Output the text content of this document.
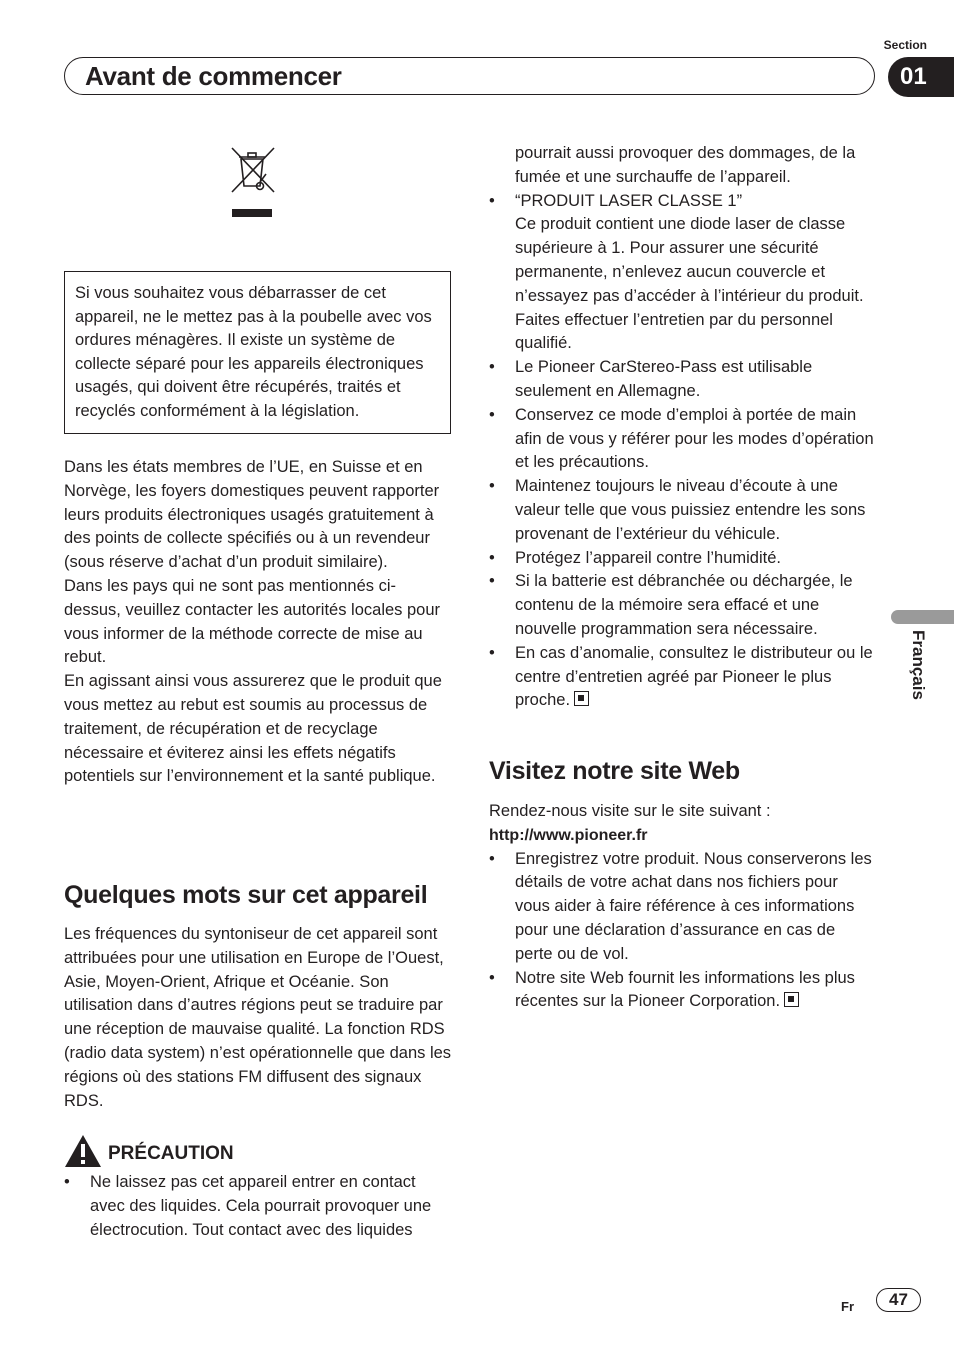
Section
Avant de commencer	01
Français

Si vous souhaitez vous débarrasser de cet appareil, ne le mettez pas à la poubelle avec vos ordures ménagères. Il existe un système de collecte séparé pour les appareils électroniques usagés, qui doivent être récupérés, traités et recyclés conformément à la législation.

Dans les états membres de l’UE, en Suisse et en Norvège, les foyers domestiques peuvent rapporter leurs produits électroniques usagés gratuitement à des points de collecte spécifiés ou à un revendeur (sous réserve d’achat d’un produit similaire).

Dans les pays qui ne sont pas mentionnés ci-dessus, veuillez contacter les autorités locales pour vous informer de la méthode correcte de mise au rebut.

En agissant ainsi vous assurerez que le produit que vous mettez au rebut est soumis au processus de traitement, de récupération et de recyclage nécessaire et éviterez ainsi les effets négatifs potentiels sur l’environnement et la santé publique.

Quelques mots sur cet appareil

Les fréquences du syntoniseur de cet appareil sont attribuées pour une utilisation en Europe de l’Ouest, Asie, Moyen-Orient, Afrique et Océanie. Son utilisation dans d’autres régions peut se traduire par une réception de mauvaise qualité. La fonction RDS (radio data system) n’est opérationnelle que dans les régions où des stations FM diffusent des signaux RDS.

PRÉCAUTION
• Ne laissez pas cet appareil entrer en contact avec des liquides. Cela pourrait provoquer une électrocution. Tout contact avec des liquides

pourrait aussi provoquer des dommages, de la fumée et une surchauffe de l’appareil.

• “PRODUIT LASER CLASSE 1”
Ce produit contient une diode laser de classe supérieure à 1. Pour assurer une sécurité permanente, n’enlevez aucun couvercle et n’essayez pas d’accéder à l’intérieur du produit. Faites effectuer l’entretien par du personnel qualifié.
• Le Pioneer CarStereo-Pass est utilisable seulement en Allemagne.
• Conservez ce mode d’emploi à portée de main afin de vous y référer pour les modes d’opération et les précautions.
• Maintenez toujours le niveau d’écoute à une valeur telle que vous puissiez entendre les sons provenant de l’extérieur du véhicule.
• Protégez l’appareil contre l’humidité.
• Si la batterie est débranchée ou déchargée, le contenu de la mémoire sera effacé et une nouvelle programmation sera nécessaire.
• En cas d’anomalie, consultez le distributeur ou le centre d’entretien agréé par Pioneer le plus proche.
Visitez notre site Web

Rendez-nous visite sur le site suivant :

http://www.pioneer.fr

• Enregistrez votre produit. Nous conserverons les détails de votre achat dans nos fichiers pour vous aider à faire référence à ces informations pour une déclaration d’assurance en cas de perte ou de vol.
• Notre site Web fournit les informations les plus récentes sur la Pioneer Corporation.
Fr	47
